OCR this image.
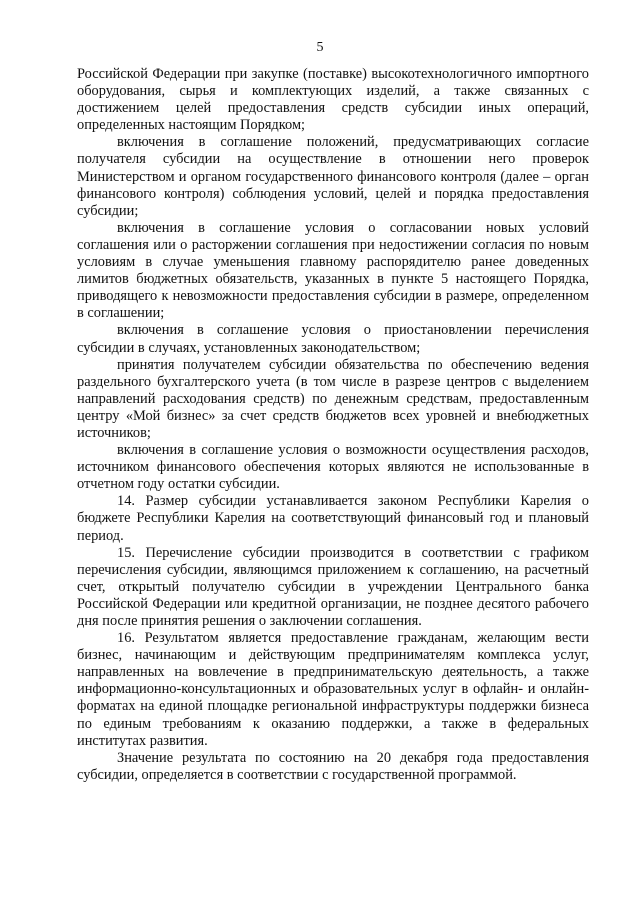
5

Российской Федерации при закупке (поставке) высокотехнологичного импортного оборудования, сырья и комплектующих изделий, а также связанных с достижением целей предоставления средств субсидии иных операций, определенных настоящим Порядком;

включения в соглашение положений, предусматривающих согласие получателя субсидии на осуществление в отношении него проверок Министерством и органом государственного финансового контроля (далее – орган финансового контроля) соблюдения условий, целей и порядка предоставления субсидии;

включения в соглашение условия о согласовании новых условий соглашения или о расторжении соглашения при недостижении согласия по новым условиям в случае уменьшения главному распорядителю ранее доведенных лимитов бюджетных обязательств, указанных в пункте 5 настоящего Порядка, приводящего к невозможности предоставления субсидии в размере, определенном в соглашении;

включения в соглашение условия о приостановлении перечисления субсидии в случаях, установленных законодательством;

принятия получателем субсидии обязательства по обеспечению ведения раздельного бухгалтерского учета (в том числе в разрезе центров с выделением направлений расходования средств) по денежным средствам, предоставленным центру «Мой бизнес» за счет средств бюджетов всех уровней и внебюджетных источников;

включения в соглашение условия о возможности осуществления расходов, источником финансового обеспечения которых являются не использованные в отчетном году остатки субсидии.

14. Размер субсидии устанавливается законом Республики Карелия о бюджете Республики Карелия на соответствующий финансовый год и плановый период.

15. Перечисление субсидии производится в соответствии с графиком перечисления субсидии, являющимся приложением к соглашению, на расчетный счет, открытый получателю субсидии в учреждении Центрального банка Российской Федерации или кредитной организации, не позднее десятого рабочего дня после принятия решения о заключении соглашения.

16. Результатом является предоставление гражданам, желающим вести бизнес, начинающим и действующим предпринимателям комплекса услуг, направленных на вовлечение в предпринимательскую деятельность, а также информационно-консультационных и образовательных услуг в офлайн- и онлайн-форматах на единой площадке региональной инфраструктуры поддержки бизнеса по единым требованиям к оказанию поддержки, а также в федеральных институтах развития.

Значение результата по состоянию на 20 декабря года предоставления субсидии, определяется в соответствии с государственной программой.
